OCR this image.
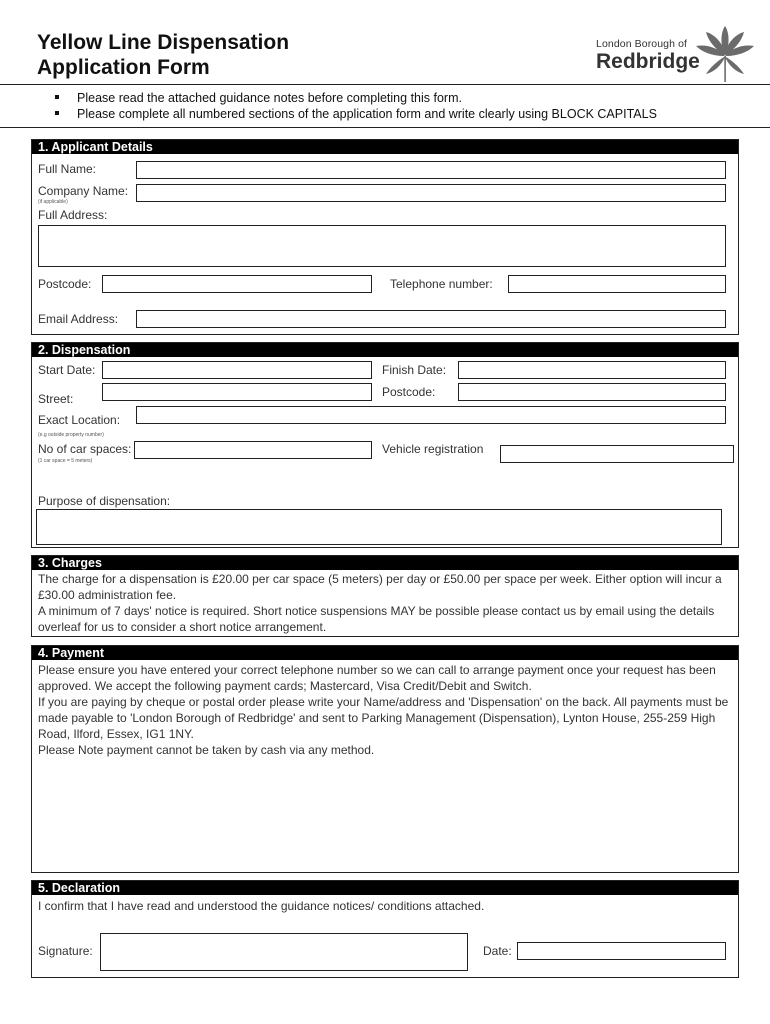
Yellow Line Dispensation
Application Form
London Borough of
Redbridge
Please read the attached guidance notes before completing this form.
Please complete all numbered sections of the application form and write clearly using BLOCK CAPITALS
1. Applicant Details
Full Name:
Company Name:
(if applicable)
Full Address:
Postcode:	Telephone number:
Email Address:
2. Dispensation
Start Date:	Finish Date:
Street:	Postcode:
Exact Location:
(e.g outside property number)
No of car spaces:
(1 car space = 5 meters)
Vehicle registration
Purpose of dispensation:
3. Charges

The charge for a dispensation is £20.00 per car space (5 meters) per day or £50.00 per space per week. Either option will incur a £30.00 administration fee.

A minimum of 7 days' notice is required. Short notice suspensions MAY be possible please contact us by email using the details overleaf for us to consider a short notice arrangement.

4. Payment

Please ensure you have entered your correct telephone number so we can call to arrange payment once your request has been approved. We accept the following payment cards; Mastercard, Visa Credit/Debit and Switch.

If you are paying by cheque or postal order please write your Name/address and 'Dispensation' on the back. All payments must be made payable to 'London Borough of Redbridge' and sent to Parking Management (Dispensation), Lynton House, 255-259 High Road, Ilford, Essex, IG1 1NY.

Please Note payment cannot be taken by cash via any method.

5. Declaration
I confirm that I have read and understood the guidance notices/ conditions attached.
Signature:	Date:
